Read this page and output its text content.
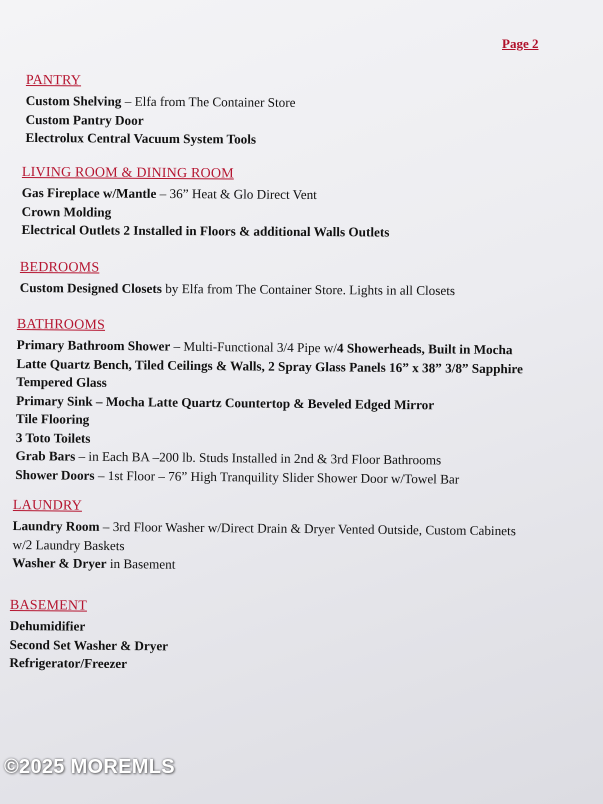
Page 2
PANTRY

Custom Shelving – Elfa from The Container Store

Custom Pantry Door

Electrolux Central Vacuum System Tools

LIVING ROOM & DINING ROOM

Gas Fireplace w/Mantle – 36” Heat & Glo Direct Vent

Crown Molding

Electrical Outlets 2 Installed in Floors & additional Walls Outlets

BEDROOMS

Custom Designed Closets by Elfa from The Container Store. Lights in all Closets

BATHROOMS

Primary Bathroom Shower – Multi-Functional 3/4 Pipe w/4 Showerheads, Built in Mocha

Latte Quartz Bench, Tiled Ceilings & Walls, 2 Spray Glass Panels 16” x 38” 3/8” Sapphire

Tempered Glass

Primary Sink – Mocha Latte Quartz Countertop & Beveled Edged Mirror

Tile Flooring

3 Toto Toilets

Grab Bars – in Each BA –200 lb. Studs Installed in 2nd & 3rd Floor Bathrooms

Shower Doors – 1st Floor – 76” High Tranquility Slider Shower Door w/Towel Bar

LAUNDRY

Laundry Room – 3rd Floor Washer w/Direct Drain & Dryer Vented Outside, Custom Cabinets

w/2 Laundry Baskets

Washer & Dryer in Basement

BASEMENT

Dehumidifier

Second Set Washer & Dryer

Refrigerator/Freezer

©2025 MOREMLS
